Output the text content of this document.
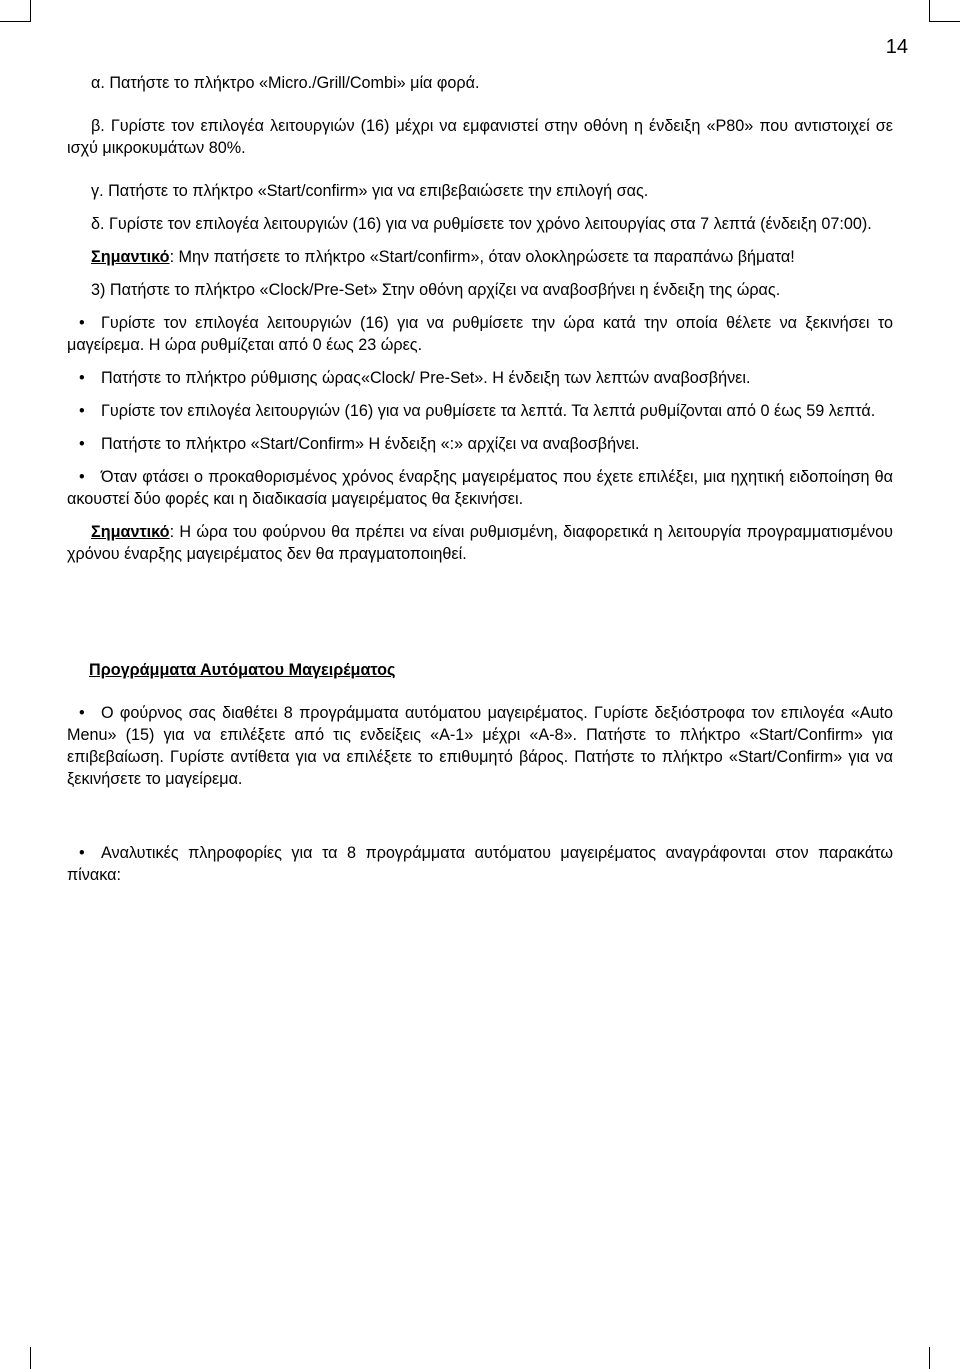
14

α. Πατήστε το πλήκτρο «Micro./Grill/Combi» μία φορά.

β. Γυρίστε τον επιλογέα λειτουργιών (16) μέχρι να εμφανιστεί στην οθόνη η ένδειξη «P80» που αντιστοιχεί σε ισχύ μικροκυμάτων 80%.

γ. Πατήστε το πλήκτρο «Start/confirm» για να επιβεβαιώσετε την επιλογή σας.

δ. Γυρίστε τον επιλογέα λειτουργιών (16) για να ρυθμίσετε τον χρόνο λειτουργίας στα 7 λεπτά (ένδειξη 07:00).

Σημαντικό: Μην πατήσετε το πλήκτρο «Start/confirm», όταν ολοκληρώσετε τα παραπάνω βήματα!

3) Πατήστε το πλήκτρο «Clock/Pre-Set» Στην οθόνη αρχίζει να αναβοσβήνει η ένδειξη της ώρας.

• Γυρίστε τον επιλογέα λειτουργιών (16) για να ρυθμίσετε την ώρα κατά την οποία θέλετε να ξεκινήσει το μαγείρεμα. Η ώρα ρυθμίζεται από 0 έως 23 ώρες.

• Πατήστε το πλήκτρο ρύθμισης ώρας«Clock/ Pre-Set». Η ένδειξη των λεπτών αναβοσβήνει.

• Γυρίστε τον επιλογέα λειτουργιών (16) για να ρυθμίσετε τα λεπτά. Τα λεπτά ρυθμίζονται από 0 έως 59 λεπτά.

• Πατήστε το πλήκτρο «Start/Confirm» Η ένδειξη «:» αρχίζει να αναβοσβήνει.

• Όταν φτάσει ο προκαθορισμένος χρόνος έναρξης μαγειρέματος που έχετε επιλέξει, μια ηχητική ειδοποίηση θα ακουστεί δύο φορές και η διαδικασία μαγειρέματος θα ξεκινήσει.

Σημαντικό: Η ώρα του φούρνου θα πρέπει να είναι ρυθμισμένη, διαφορετικά η λειτουργία προγραμματισμένου χρόνου έναρξης μαγειρέματος δεν θα πραγματοποιηθεί.

Προγράμματα Αυτόματου Μαγειρέματος

• Ο φούρνος σας διαθέτει 8 προγράμματα αυτόματου μαγειρέματος. Γυρίστε δεξιόστροφα τον επιλογέα «Auto Menu» (15) για να επιλέξετε από τις ενδείξεις «A-1» μέχρι «A-8». Πατήστε το πλήκτρο «Start/Confirm» για επιβεβαίωση. Γυρίστε αντίθετα για να επιλέξετε το επιθυμητό βάρος. Πατήστε το πλήκτρο «Start/Confirm» για να ξεκινήσετε το μαγείρεμα.

• Αναλυτικές πληροφορίες για τα 8 προγράμματα αυτόματου μαγειρέματος αναγράφονται στον παρακάτω πίνακα:
